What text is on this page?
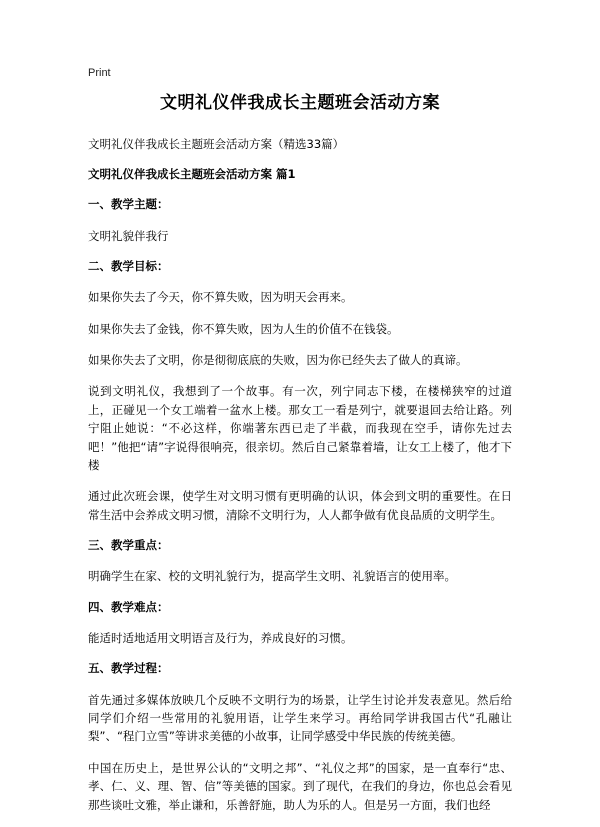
Print
文明礼仪伴我成长主题班会活动方案

文明礼仪伴我成长主题班会活动方案（精选33篇）

文明礼仪伴我成长主题班会活动方案 篇1

一、教学主题：

文明礼貌伴我行

二、教学目标：

如果你失去了今天，你不算失败，因为明天会再来。

如果你失去了金钱，你不算失败，因为人生的价值不在钱袋。

如果你失去了文明，你是彻彻底底的失败，因为你已经失去了做人的真谛。

说到文明礼仪，我想到了一个故事。有一次，列宁同志下楼，在楼梯狭窄的过道上，正碰见一个女工端着一盆水上楼。那女工一看是列宁，就要退回去给让路。列宁阻止她说：“不必这样，你端著东西已走了半截，而我现在空手，请你先过去吧！”他把“请”字说得很响亮，很亲切。然后自己紧靠着墙，让女工上楼了，他才下楼

通过此次班会课，使学生对文明习惯有更明确的认识，体会到文明的重要性。在日常生活中会养成文明习惯，清除不文明行为，人人都争做有优良品质的文明学生。

三、教学重点：

明确学生在家、校的文明礼貌行为，提高学生文明、礼貌语言的使用率。

四、教学难点：

能适时适地适用文明语言及行为，养成良好的习惯。

五、教学过程：

首先通过多媒体放映几个反映不文明行为的场景，让学生讨论并发表意见。然后给同学们介绍一些常用的礼貌用语，让学生来学习。再给同学讲我国古代“孔融让梨”、“程门立雪”等讲求美德的小故事，让同学感受中华民族的传统美德。

中国在历史上，是世界公认的“文明之邦”、“礼仪之邦”的国家，是一直奉行“忠、孝、仁、义、理、智、信”等美德的国家。到了现代，在我们的身边，你也总会看见那些谈吐文雅，举止谦和，乐善舒施，助人为乐的人。但是另一方面，我们也经
